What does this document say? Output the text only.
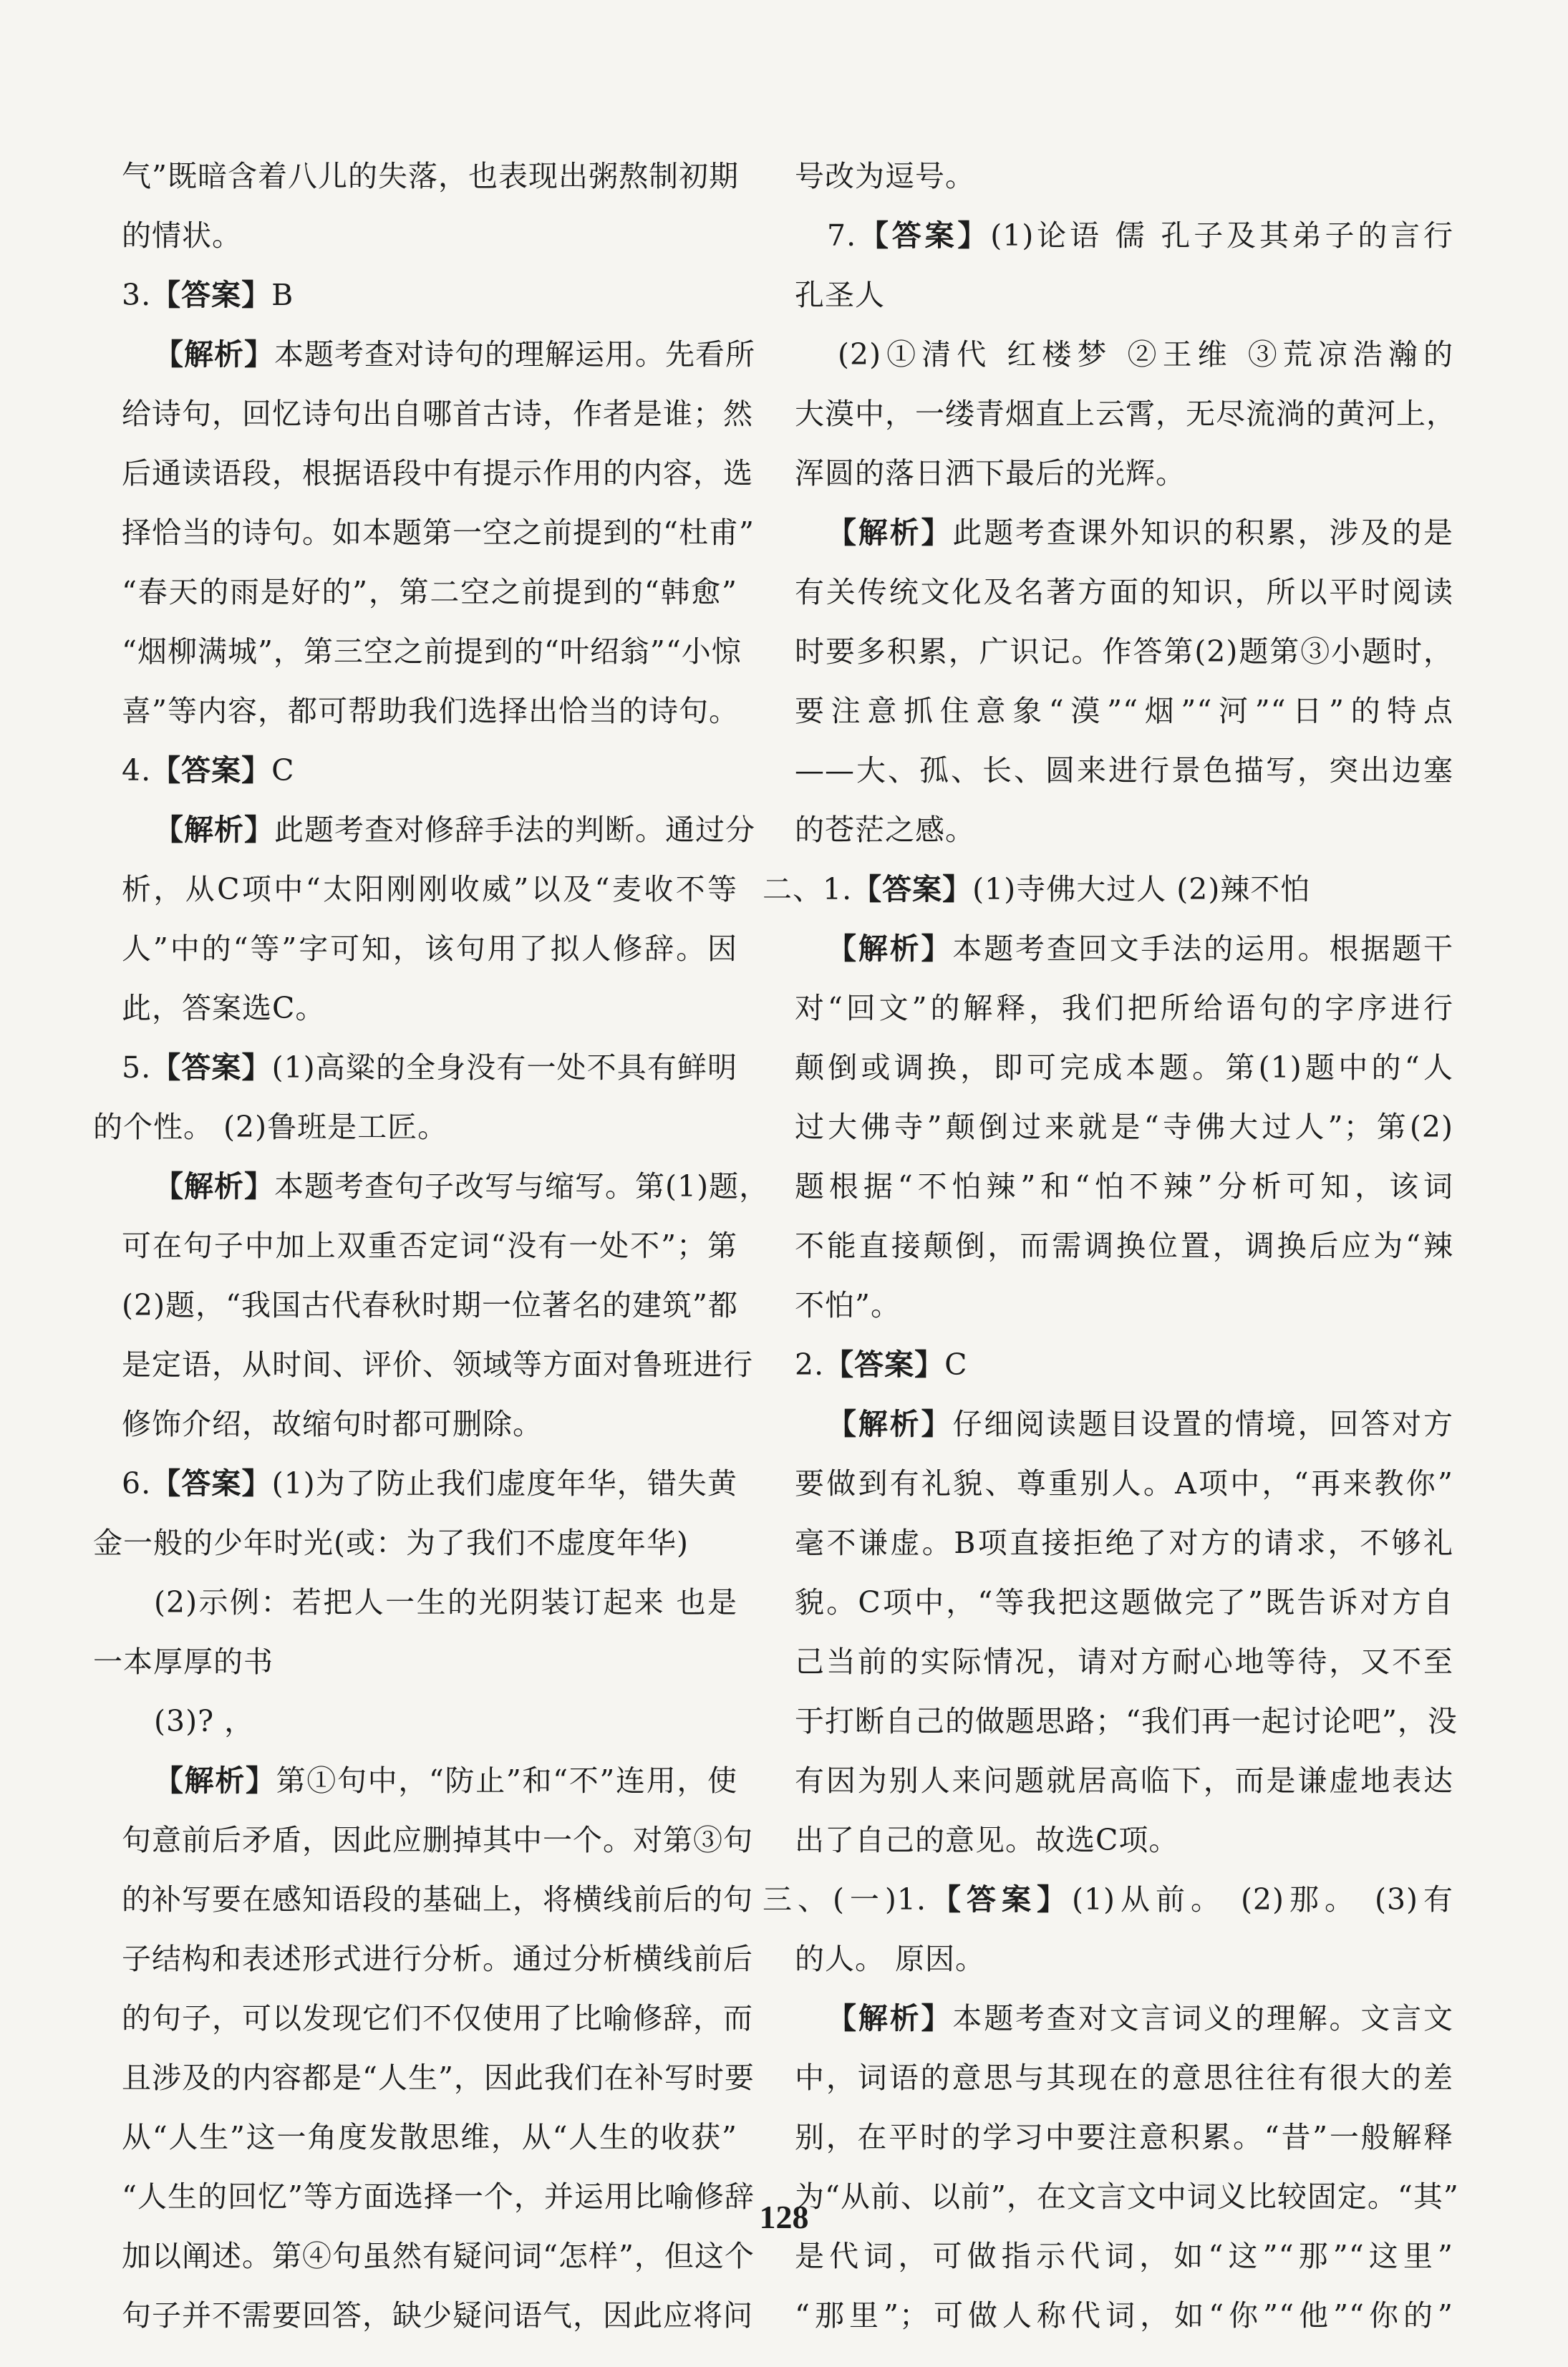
气”既暗含着八儿的失落，也表现出粥熬制初期
的情状。
3.【答案】B
【解析】本题考查对诗句的理解运用。先看所
给诗句，回忆诗句出自哪首古诗，作者是谁；然
后通读语段，根据语段中有提示作用的内容，选
择恰当的诗句。如本题第一空之前提到的“杜甫”
“春天的雨是好的”，第二空之前提到的“韩愈”
“烟柳满城”，第三空之前提到的“叶绍翁”“小惊
喜”等内容，都可帮助我们选择出恰当的诗句。
4.【答案】C
【解析】此题考查对修辞手法的判断。通过分
析，从C项中“太阳刚刚收威”以及“麦收不等
人”中的“等”字可知，该句用了拟人修辞。因
此，答案选C。
5.【答案】(1)高粱的全身没有一处不具有鲜明
的个性。 (2)鲁班是工匠。
【解析】本题考查句子改写与缩写。第(1)题，
可在句子中加上双重否定词“没有一处不”；第
(2)题，“我国古代春秋时期一位著名的建筑”都
是定语，从时间、评价、领域等方面对鲁班进行
修饰介绍，故缩句时都可删除。
6.【答案】(1)为了防止我们虚度年华，错失黄
金一般的少年时光(或：为了我们不虚度年华)
(2)示例：若把人一生的光阴装订起来 也是
一本厚厚的书
(3)? ，
【解析】第①句中，“防止”和“不”连用，使
句意前后矛盾，因此应删掉其中一个。对第③句
的补写要在感知语段的基础上，将横线前后的句
子结构和表述形式进行分析。通过分析横线前后
的句子，可以发现它们不仅使用了比喻修辞，而
且涉及的内容都是“人生”，因此我们在补写时要
从“人生”这一角度发散思维，从“人生的收获”
“人生的回忆”等方面选择一个，并运用比喻修辞
加以阐述。第④句虽然有疑问词“怎样”，但这个
句子并不需要回答，缺少疑问语气，因此应将问
号改为逗号。
7.【答案】(1)论语 儒 孔子及其弟子的言行
孔圣人
(2)①清代 红楼梦 ②王维 ③荒凉浩瀚的
大漠中，一缕青烟直上云霄，无尽流淌的黄河上，
浑圆的落日洒下最后的光辉。
【解析】此题考查课外知识的积累，涉及的是
有关传统文化及名著方面的知识，所以平时阅读
时要多积累，广识记。作答第(2)题第③小题时，
要注意抓住意象“漠”“烟”“河”“日”的特点
——大、孤、长、圆来进行景色描写，突出边塞
的苍茫之感。
二、1.【答案】(1)寺佛大过人 (2)辣不怕
【解析】本题考查回文手法的运用。根据题干
对“回文”的解释，我们把所给语句的字序进行
颠倒或调换，即可完成本题。第(1)题中的“人
过大佛寺”颠倒过来就是“寺佛大过人”；第(2)
题根据“不怕辣”和“怕不辣”分析可知，该词
不能直接颠倒，而需调换位置，调换后应为“辣
不怕”。
2.【答案】C
【解析】仔细阅读题目设置的情境，回答对方
要做到有礼貌、尊重别人。A项中，“再来教你”
毫不谦虚。B项直接拒绝了对方的请求，不够礼
貌。C项中，“等我把这题做完了”既告诉对方自
己当前的实际情况，请对方耐心地等待，又不至
于打断自己的做题思路；“我们再一起讨论吧”，没
有因为别人来问题就居高临下，而是谦虚地表达
出了自己的意见。故选C项。
三、(一)1.【答案】(1)从前。 (2)那。 (3)有
的人。 原因。
【解析】本题考查对文言词义的理解。文言文
中，词语的意思与其现在的意思往往有很大的差
别，在平时的学习中要注意积累。“昔”一般解释
为“从前、以前”，在文言文中词义比较固定。“其”
是代词，可做指示代词，如“这”“那”“这里”
“那里”；可做人称代词，如“你”“他”“你的”
128
